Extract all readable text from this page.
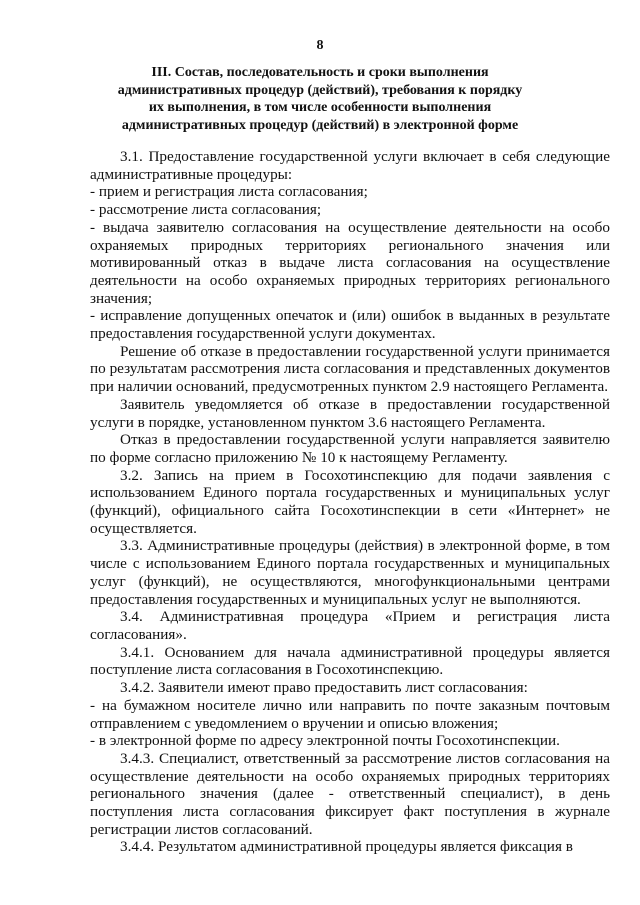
8
III. Состав, последовательность и сроки выполнения
административных процедур (действий), требования к порядку
их выполнения, в том числе особенности выполнения
административных процедур (действий) в электронной форме

3.1. Предоставление государственной услуги включает в себя следующие административные процедуры:

- прием и регистрация листа согласования;

- рассмотрение листа согласования;

- выдача заявителю согласования на осуществление деятельности на особо охраняемых природных территориях регионального значения или мотивированный отказ в выдаче листа согласования на осуществление деятельности на особо охраняемых природных территориях регионального значения;

- исправление допущенных опечаток и (или) ошибок в выданных в результате предоставления государственной услуги документах.

Решение об отказе в предоставлении государственной услуги принимается по результатам рассмотрения листа согласования и представленных документов при наличии оснований, предусмотренных пунктом 2.9 настоящего Регламента.

Заявитель уведомляется об отказе в предоставлении государственной услуги в порядке, установленном пунктом 3.6 настоящего Регламента.

Отказ в предоставлении государственной услуги направляется заявителю по форме согласно приложению № 10 к настоящему Регламенту.

3.2. Запись на прием в Госохотинспекцию для подачи заявления с использованием Единого портала государственных и муниципальных услуг (функций), официального сайта Госохотинспекции в сети «Интернет» не осуществляется.

3.3. Административные процедуры (действия) в электронной форме, в том числе с использованием Единого портала государственных и муниципальных услуг (функций), не осуществляются, многофункциональными центрами предоставления государственных и муниципальных услуг не выполняются.

3.4. Административная процедура «Прием и регистрация листа согласования».

3.4.1. Основанием для начала административной процедуры является поступление листа согласования в Госохотинспекцию.

3.4.2. Заявители имеют право предоставить лист согласования:

- на бумажном носителе лично или направить по почте заказным почтовым отправлением с уведомлением о вручении и описью вложения;

- в электронной форме по адресу электронной почты Госохотинспекции.

3.4.3. Специалист, ответственный за рассмотрение листов согласования на осуществление деятельности на особо охраняемых природных территориях регионального значения (далее - ответственный специалист), в день поступления листа согласования фиксирует факт поступления в журнале регистрации листов согласований.

3.4.4. Результатом административной процедуры является фиксация в
